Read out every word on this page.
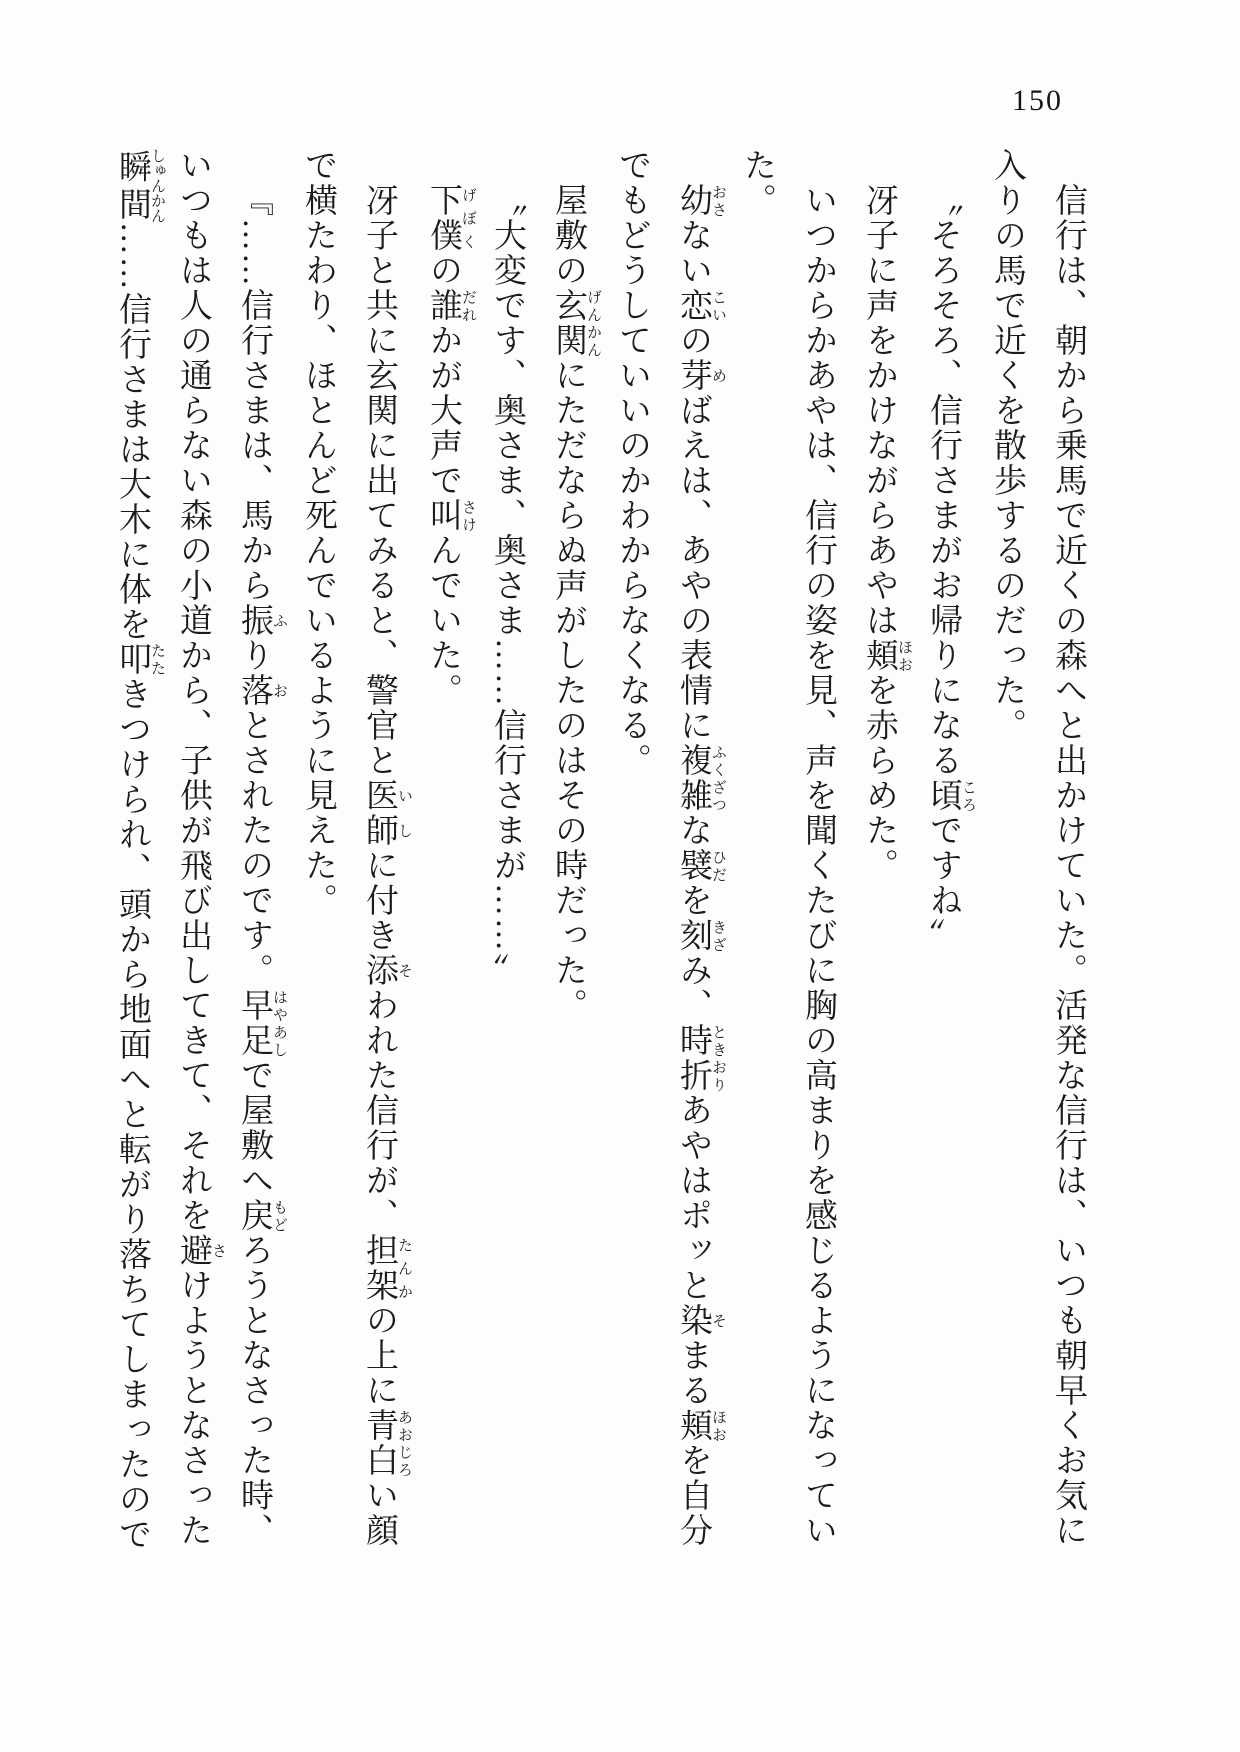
150

信行は、朝から乗馬で近くの森へと出かけていた。活発な信行は、いつも朝早くお気に
入りの馬で近くを散歩するのだった。

〝そろそろ、信行さまがお帰りになる頃 ころですね〟

冴子に声をかけながらあやは頬 ほおを赤らめた。

いつからかあやは、信行の姿を見、声を聞くたびに胸の高まりを感じるようになってい
た。

幼 おさない恋 こいの芽 めばえは、あやの表情に複雑 ふくざつな襞 ひだを刻 きざみ、時折 ときおりあやはポッと染 そまる頬 ほおを自分
でもどうしていいのかわからなくなる。

屋敷の玄関 げんかんにただならぬ声がしたのはその時だった。

〝大変です、奥さま、奥さま……信行さまが……〟

下僕 げぼくの誰 だれかが大声で叫 さけんでいた。

冴子と共に玄関に出てみると、警官と医師 いしに付き添 そわれた信行が、担架 たんかの上に青白 あおじろい顔
で横たわり、ほとんど死んでいるように見えた。

『……信行さまは、馬から振 ふり落 おとされたのです。早足 はやあしで屋敷へ戻 もどろうとなさった時、
いつもは人の通らない森の小道から、子供が飛び出してきて、それを避 さけようとなさった
瞬間 しゅんかん……信行さまは大木に体を叩 たたきつけられ、頭から地面へと転がり落ちてしまったので
